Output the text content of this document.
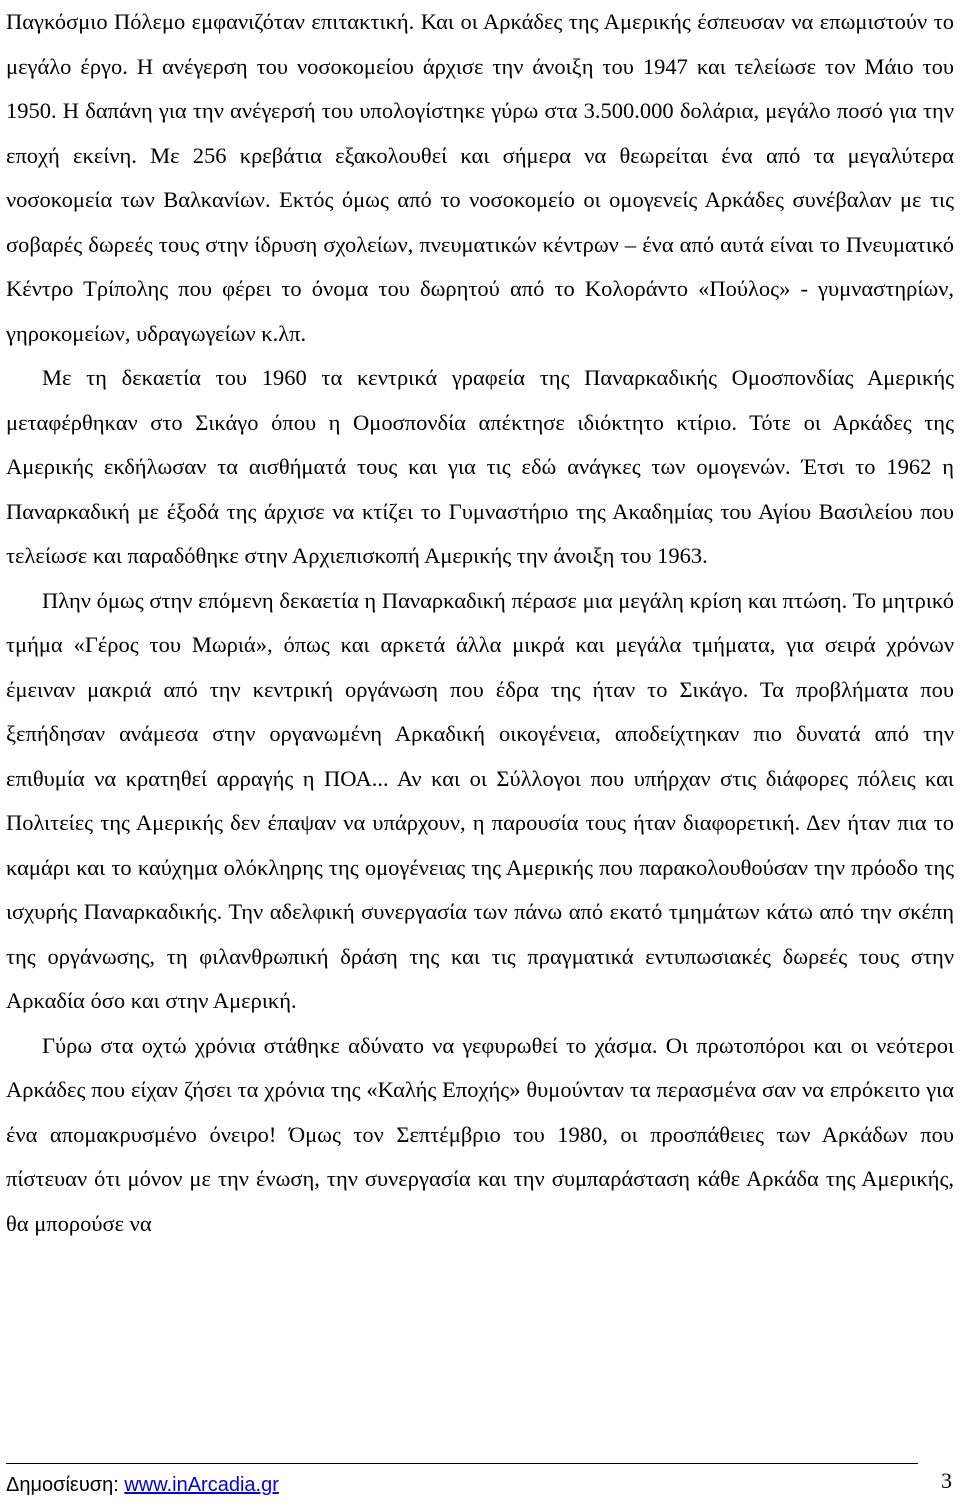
Παγκόσμιο Πόλεμο εμφανιζόταν επιτακτική. Και οι Αρκάδες της Αμερικής έσπευσαν να επωμιστούν το μεγάλο έργο. Η ανέγερση του νοσοκομείου άρχισε την άνοιξη του 1947 και τελείωσε τον Μάιο του 1950. Η δαπάνη για την ανέγερσή του υπολογίστηκε γύρω στα 3.500.000 δολάρια, μεγάλο ποσό για την εποχή εκείνη. Με 256 κρεβάτια εξακολουθεί και σήμερα να θεωρείται ένα από τα μεγαλύτερα νοσοκομεία των Βαλκανίων. Εκτός όμως από το νοσοκομείο οι ομογενείς Αρκάδες συνέβαλαν με τις σοβαρές δωρεές τους στην ίδρυση σχολείων, πνευματικών κέντρων – ένα από αυτά είναι το Πνευματικό Κέντρο Τρίπολης που φέρει το όνομα του δωρητού από το Κολοράντο «Πούλος» - γυμναστηρίων, γηροκομείων, υδραγωγείων κ.λπ.

Με τη δεκαετία του 1960 τα κεντρικά γραφεία της Παναρκαδικής Ομοσπονδίας Αμερικής μεταφέρθηκαν στο Σικάγο όπου η Ομοσπονδία απέκτησε ιδιόκτητο κτίριο. Τότε οι Αρκάδες της Αμερικής εκδήλωσαν τα αισθήματά τους και για τις εδώ ανάγκες των ομογενών. Έτσι το 1962 η Παναρκαδική με έξοδά της άρχισε να κτίζει το Γυμναστήριο της Ακαδημίας του Αγίου Βασιλείου που τελείωσε και παραδόθηκε στην Αρχιεπισκοπή Αμερικής την άνοιξη του 1963.

Πλην όμως στην επόμενη δεκαετία η Παναρκαδική πέρασε μια μεγάλη κρίση και πτώση. Το μητρικό τμήμα «Γέρος του Μωριά», όπως και αρκετά άλλα μικρά και μεγάλα τμήματα, για σειρά χρόνων έμειναν μακριά από την κεντρική οργάνωση που έδρα της ήταν το Σικάγο. Τα προβλήματα που ξεπήδησαν ανάμεσα στην οργανωμένη Αρκαδική οικογένεια, αποδείχτηκαν πιο δυνατά από την επιθυμία να κρατηθεί αρραγής η ΠΟΑ... Αν και οι Σύλλογοι που υπήρχαν στις διάφορες πόλεις και Πολιτείες της Αμερικής δεν έπαψαν να υπάρχουν, η παρουσία τους ήταν διαφορετική. Δεν ήταν πια το καμάρι και το καύχημα ολόκληρης της ομογένειας της Αμερικής που παρακολουθούσαν την πρόοδο της ισχυρής Παναρκαδικής. Την αδελφική συνεργασία των πάνω από εκατό τμημάτων κάτω από την σκέπη της οργάνωσης, τη φιλανθρωπική δράση της και τις πραγματικά εντυπωσιακές δωρεές τους στην Αρκαδία όσο και στην Αμερική.

Γύρω στα οχτώ χρόνια στάθηκε αδύνατο να γεφυρωθεί το χάσμα. Οι πρωτοπόροι και οι νεότεροι Αρκάδες που είχαν ζήσει τα χρόνια της «Καλής Εποχής» θυμούνταν τα περασμένα σαν να επρόκειτο για ένα απομακρυσμένο όνειρο! Όμως τον Σεπτέμβριο του 1980, οι προσπάθειες των Αρκάδων που πίστευαν ότι μόνον με την ένωση, την συνεργασία και την συμπαράσταση κάθε Αρκάδα της Αμερικής, θα μπορούσε να

Δημοσίευση: www.inArcadia.gr	3
